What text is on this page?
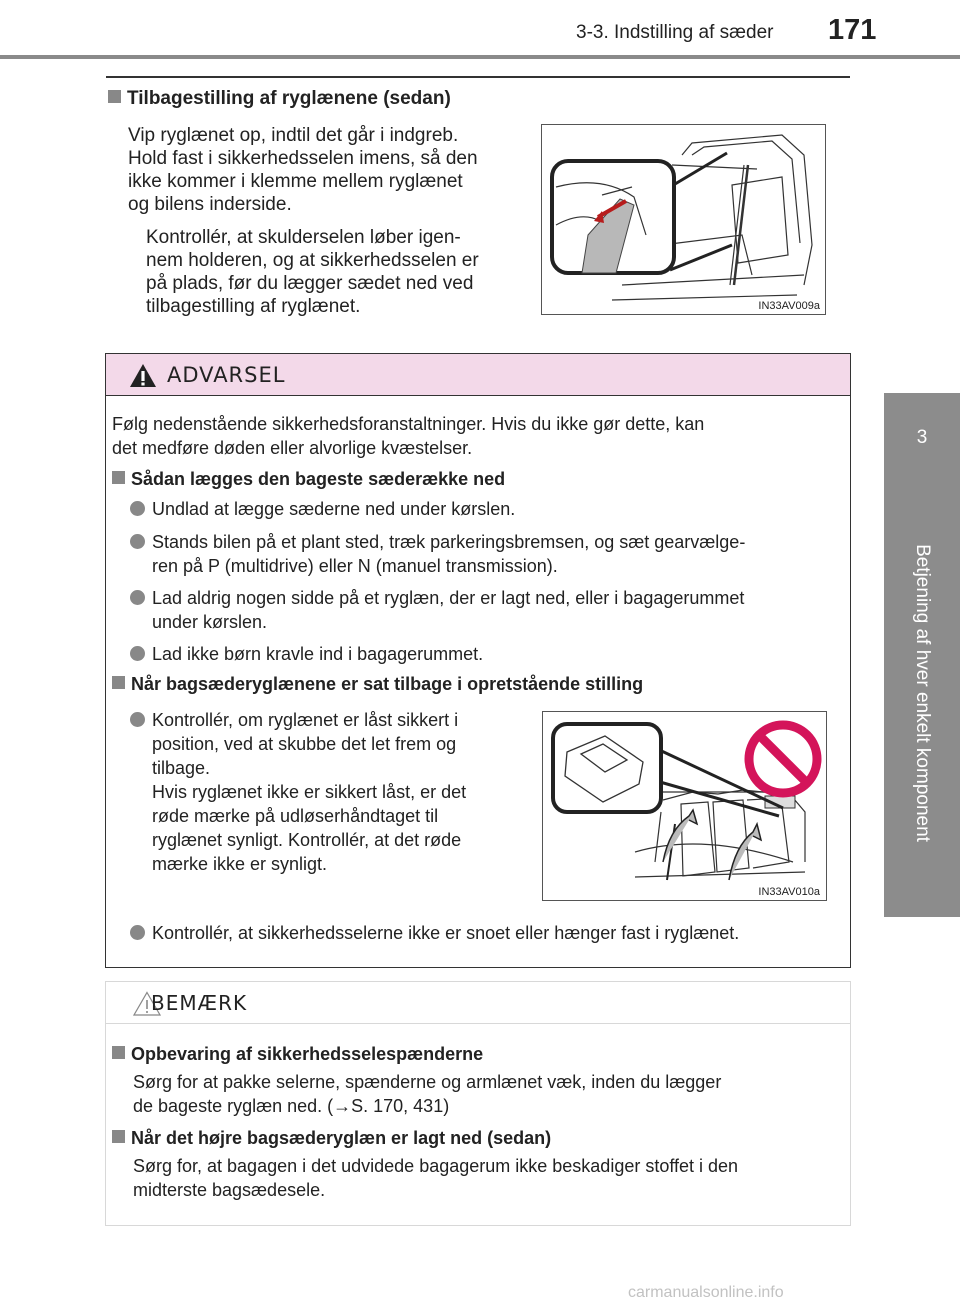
3-3. Indstilling af sæder 171
3
Betjening af hver enkelt komponent
Tilbagestilling af ryglænene (sedan)
Vip ryglænet op, indtil det går i indgreb.
Hold fast i sikkerhedsselen imens, så den
ikke kommer i klemme mellem ryglænet
og bilens inderside.
Kontrollér, at skulderselen løber igen-
nem holderen, og at sikkerhedsselen er
på plads, før du lægger sædet ned ved
tilbagestilling af ryglænet.	IN33AV009a
ADVARSEL
Følg nedenstående sikkerhedsforanstaltninger. Hvis du ikke gør dette, kan
det medføre døden eller alvorlige kvæstelser.
Sådan lægges den bageste sæderække ned
Undlad at lægge sæderne ned under kørslen.
Stands bilen på et plant sted, træk parkeringsbremsen, og sæt gearvælge-
ren på P (multidrive) eller N (manuel transmission).
Lad aldrig nogen sidde på et ryglæn, der er lagt ned, eller i bagagerummet
under kørslen.
Lad ikke børn kravle ind i bagagerummet.
Når bagsæderyglænene er sat tilbage i opretstående stilling
Kontrollér, om ryglænet er låst sikkert i
position, ved at skubbe det let frem og
tilbage.
Hvis ryglænet ikke er sikkert låst, er det
røde mærke på udløserhåndtaget til
ryglænet synligt. Kontrollér, at det røde
mærke ikke er synligt.
IN33AV010a
Kontrollér, at sikkerhedsselerne ikke er snoet eller hænger fast i ryglænet.
BEMÆRK
Opbevaring af sikkerhedsselespænderne
Sørg for at pakke selerne, spænderne og armlænet væk, inden du lægger
de bageste ryglæn ned. (→S. 170, 431)
Når det højre bagsæderyglæn er lagt ned (sedan)
Sørg for, at bagagen i det udvidede bagagerum ikke beskadiger stoffet i den
midterste bagsædesele.
carmanualsonline.info
